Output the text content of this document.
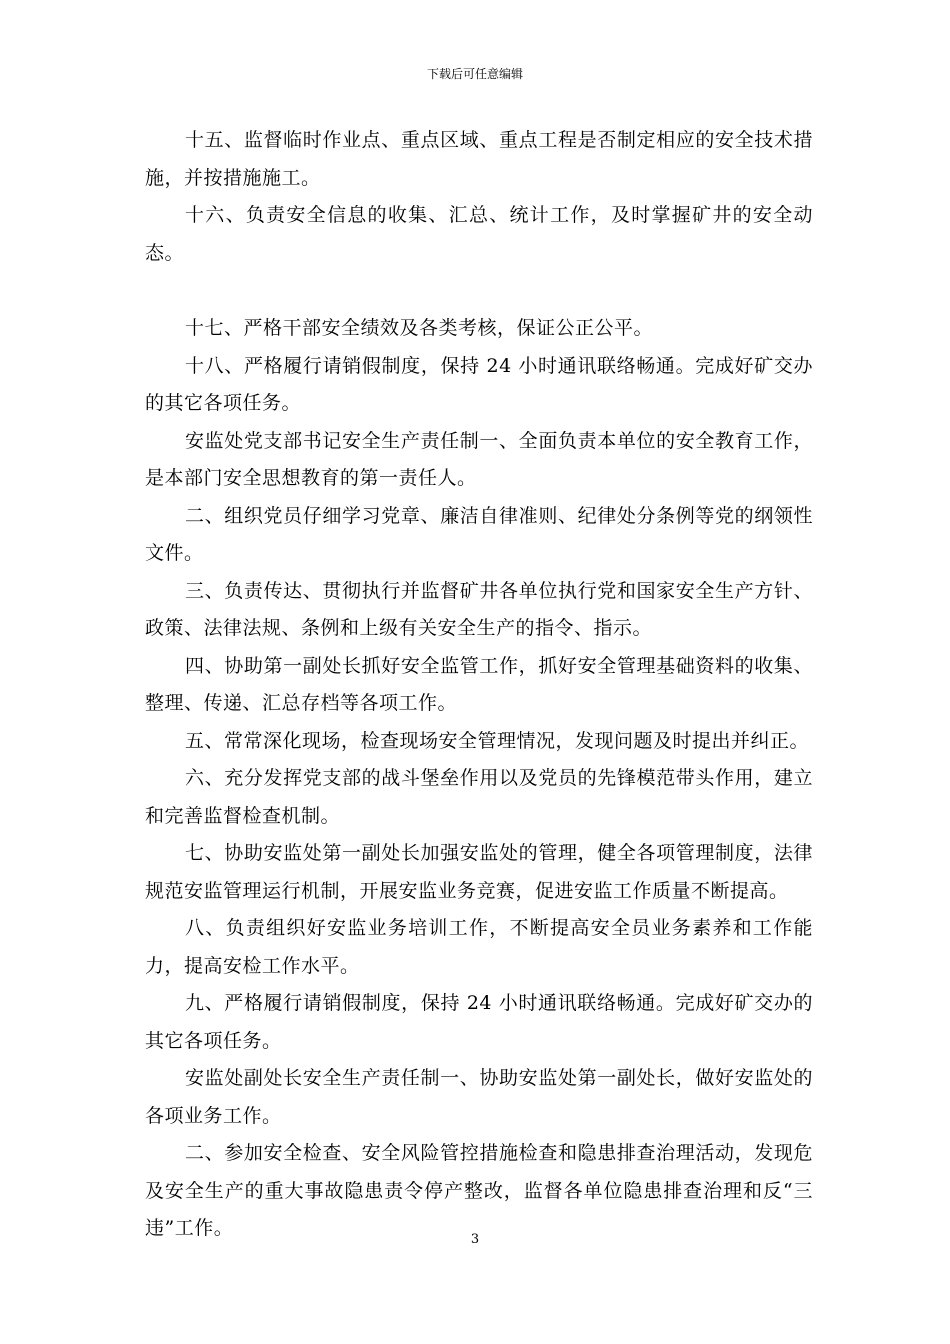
下载后可任意编辑

十五、监督临时作业点、重点区域、重点工程是否制定相应的安全技术措施，并按措施施工。

十六、负责安全信息的收集、汇总、统计工作，及时掌握矿井的安全动态。

十七、严格干部安全绩效及各类考核，保证公正公平。

十八、严格履行请销假制度，保持 24 小时通讯联络畅通。完成好矿交办的其它各项任务。

安监处党支部书记安全生产责任制一、全面负责本单位的安全教育工作，是本部门安全思想教育的第一责任人。

二、组织党员仔细学习党章、廉洁自律准则、纪律处分条例等党的纲领性文件。

三、负责传达、贯彻执行并监督矿井各单位执行党和国家安全生产方针、政策、法律法规、条例和上级有关安全生产的指令、指示。

四、协助第一副处长抓好安全监管工作，抓好安全管理基础资料的收集、整理、传递、汇总存档等各项工作。

五、常常深化现场，检查现场安全管理情况，发现问题及时提出并纠正。

六、充分发挥党支部的战斗堡垒作用以及党员的先锋模范带头作用，建立和完善监督检查机制。

七、协助安监处第一副处长加强安监处的管理，健全各项管理制度，法律规范安监管理运行机制，开展安监业务竞赛，促进安监工作质量不断提高。

八、负责组织好安监业务培训工作，不断提高安全员业务素养和工作能力，提高安检工作水平。

九、严格履行请销假制度，保持 24 小时通讯联络畅通。完成好矿交办的其它各项任务。

安监处副处长安全生产责任制一、协助安监处第一副处长，做好安监处的各项业务工作。

二、参加安全检查、安全风险管控措施检查和隐患排查治理活动，发现危及安全生产的重大事故隐患责令停产整改，监督各单位隐患排查治理和反“三违”工作。

3
